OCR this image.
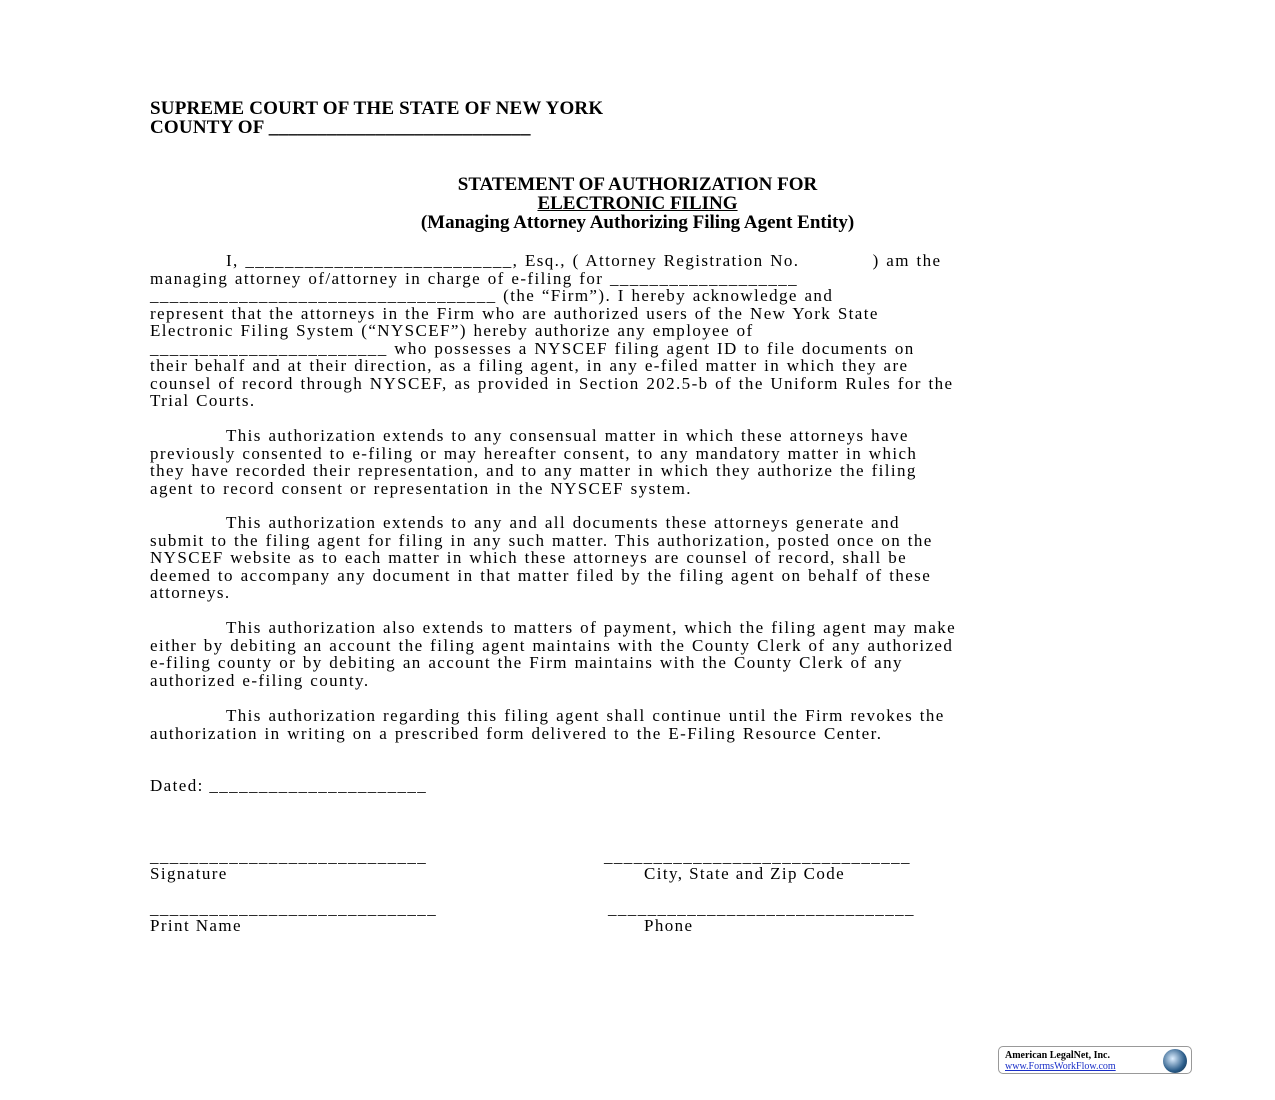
SUPREME COURT OF THE STATE OF NEW YORK
COUNTY OF ___________________________
STATEMENT OF AUTHORIZATION FOR
ELECTRONIC FILING
(Managing Attorney Authorizing Filing Agent Entity)
I, ___________________________, Esq., ( Attorney Registration No.           ) am the
managing attorney of/attorney in charge of e-filing for ___________________
___________________________________ (the “Firm”). I hereby acknowledge and
represent that the attorneys in the Firm who are authorized users of the New York State
Electronic Filing System (“NYSCEF”) hereby authorize any employee of
________________________ who possesses a NYSCEF filing agent ID to file documents on
their behalf and at their direction, as a filing agent, in any e-filed matter in which they are
counsel of record through NYSCEF, as provided in Section 202.5-b of the Uniform Rules for the
Trial Courts.
This authorization extends to any consensual matter in which these attorneys have
previously consented to e-filing or may hereafter consent, to any mandatory matter in which
they have recorded their representation, and to any matter in which they authorize the filing
agent to record consent or representation in the NYSCEF system.
This authorization extends to any and all documents these attorneys generate and
submit to the filing agent for filing in any such matter. This authorization, posted once on the
NYSCEF website as to each matter in which these attorneys are counsel of record, shall be
deemed to accompany any document in that matter filed by the filing agent on behalf of these
attorneys.
This authorization also extends to matters of payment, which the filing agent may make
either by debiting an account the filing agent maintains with the County Clerk of any authorized
e-filing county or by debiting an account the Firm maintains with the County Clerk of any
authorized e-filing county.
This authorization regarding this filing agent shall continue until the Firm revokes the
authorization in writing on a prescribed form delivered to the E-Filing Resource Center.
Dated: ______________________
____________________________
Signature
_______________________________
City, State and Zip Code
_____________________________
Print Name
_______________________________
Phone
American LegalNet, Inc.
www.FormsWorkFlow.com
